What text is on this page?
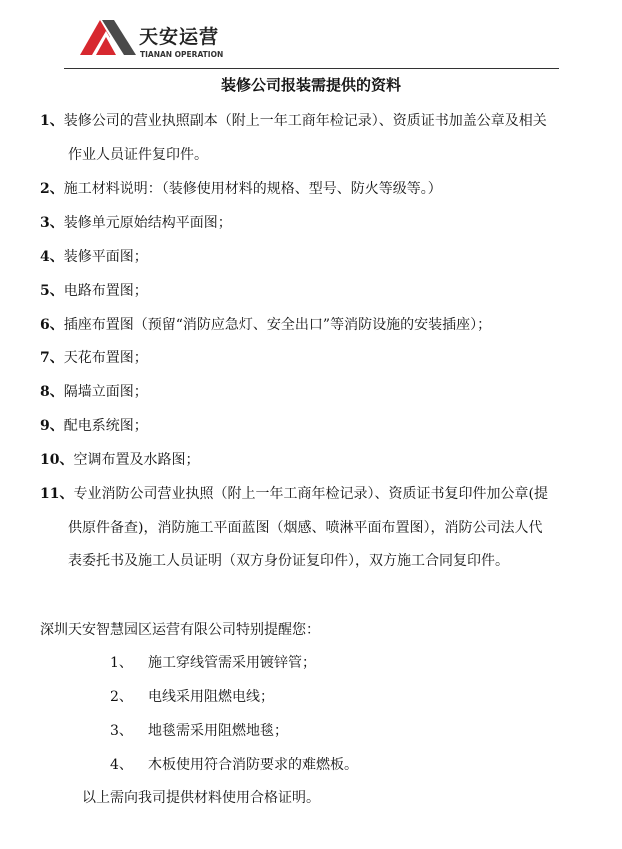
天安运营
TIANAN OPERATION
装修公司报装需提供的资料
1、装修公司的营业执照副本（附上一年工商年检记录）、资质证书加盖公章及相关
作业人员证件复印件。
2、施工材料说明：（装修使用材料的规格、型号、防火等级等。）
3、装修单元原始结构平面图；
4、装修平面图；
5、电路布置图；
6、插座布置图（预留“消防应急灯、安全出口”等消防设施的安装插座）；
7、天花布置图；
8、隔墙立面图；
9、配电系统图；
10、空调布置及水路图；
11、专业消防公司营业执照（附上一年工商年检记录）、资质证书复印件加公章(提
供原件备查)，消防施工平面蓝图（烟感、喷淋平面布置图），消防公司法人代
表委托书及施工人员证明（双方身份证复印件），双方施工合同复印件。
深圳天安智慧园区运营有限公司特别提醒您：
1、 施工穿线管需采用镀锌管；
2、 电线采用阻燃电线；
3、 地毯需采用阻燃地毯；
4、 木板使用符合消防要求的难燃板。
以上需向我司提供材料使用合格证明。
